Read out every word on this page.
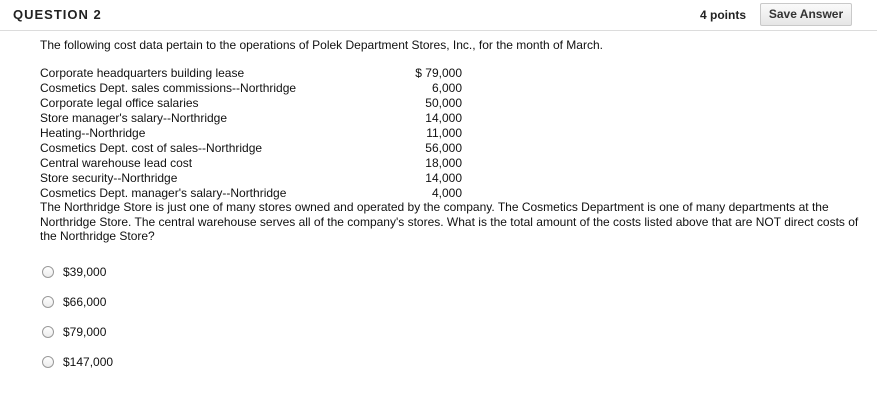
QUESTION 2	4 points	Save Answer
The following cost data pertain to the operations of Polek Department Stores, Inc., for the month of March.
Corporate headquarters building lease	$ 79,000
Cosmetics Dept. sales commissions--Northridge	6,000
Corporate legal office salaries	50,000
Store manager's salary--Northridge	14,000
Heating--Northridge	11,000
Cosmetics Dept. cost of sales--Northridge	56,000
Central warehouse lead cost	18,000
Store security--Northridge	14,000
Cosmetics Dept. manager's salary--Northridge	4,000
The Northridge Store is just one of many stores owned and operated by the company. The Cosmetics Department is one of many departments at the Northridge Store. The central warehouse serves all of the company's stores. What is the total amount of the costs listed above that are NOT direct costs of the Northridge Store?
$39,000
$66,000
$79,000
$147,000
